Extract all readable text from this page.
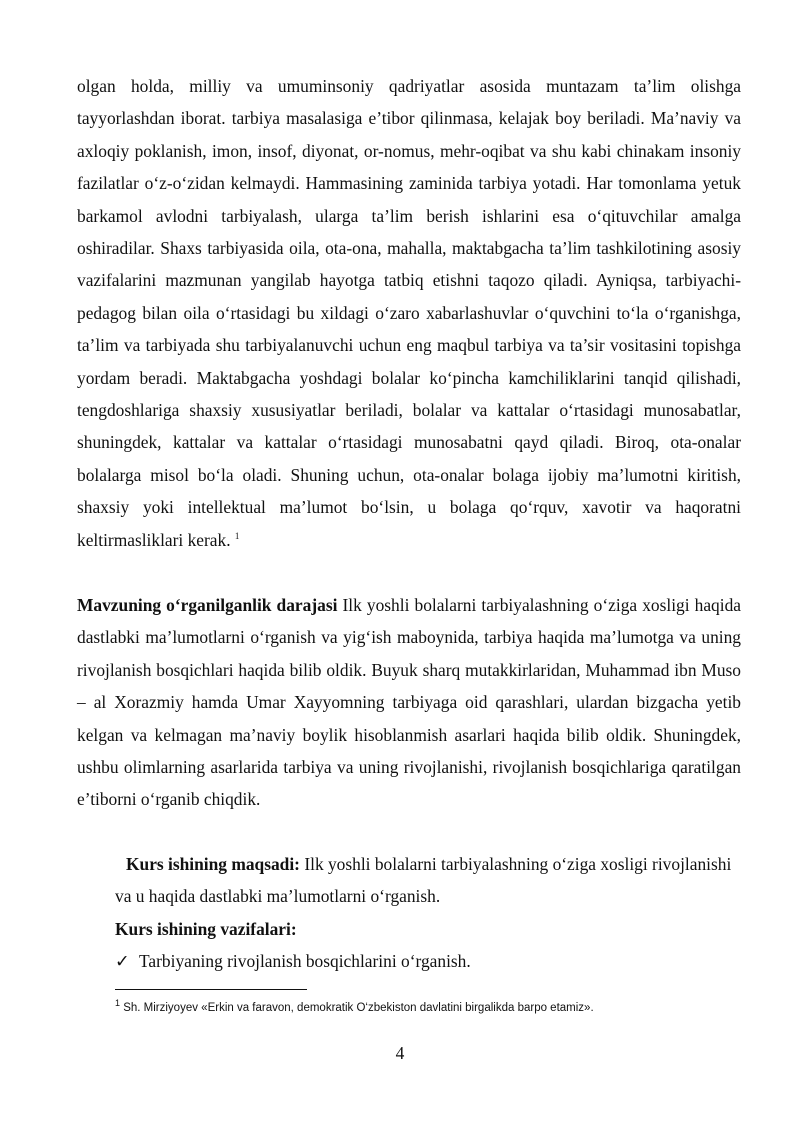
olgan holda, milliy va umuminsoniy qadriyatlar asosida muntazam ta’lim olishga tayyorlashdan iborat. tarbiya masalasiga e’tibor qilinmasa, kelajak boy beriladi. Ma’naviy va axloqiy poklanish, imon, insof, diyonat, or-nomus, mehr-oqibat va shu kabi chinakam insoniy fazilatlar o‘z-o‘zidan kelmaydi. Hammasining zaminida tarbiya yotadi. Har tomonlama yetuk barkamol avlodni tarbiyalash, ularga ta’lim berish ishlarini esa o‘qituvchilar amalga oshiradilar. Shaxs tarbiyasida oila, ota-ona, mahalla, maktabgacha ta’lim tashkilotining asosiy vazifalarini mazmunan yangilab hayotga tatbiq etishni taqozo qiladi. Ayniqsa, tarbiyachi-pedagog bilan oila o‘rtasidagi bu xildagi o‘zaro xabarlashuvlar o‘quvchini to‘la o‘rganishga, ta’lim va tarbiyada shu tarbiyalanuvchi uchun eng maqbul tarbiya va ta’sir vositasini topishga yordam beradi. Maktabgacha yoshdagi bolalar ko‘pincha kamchiliklarini tanqid qilishadi, tengdoshlariga shaxsiy xususiyatlar beriladi, bolalar va kattalar o‘rtasidagi munosabatlar, shuningdek, kattalar va kattalar o‘rtasidagi munosabatni qayd qiladi. Biroq, ota-onalar bolalarga misol bo‘la oladi. Shuning uchun, ota-onalar bolaga ijobiy ma’lumotni kiritish, shaxsiy yoki intellektual ma’lumot bo‘lsin, u bolaga qo‘rquv, xavotir va haqoratni keltirmasliklari kerak. $^1$

Mavzuning o‘rganilganlik darajasi Ilk yoshli bolalarni tarbiyalashning o‘ziga xosligi haqida dastlabki ma’lumotlarni o‘rganish va yig‘ish maboynida, tarbiya haqida ma’lumotga va uning rivojlanish bosqichlari haqida bilib oldik. Buyuk sharq mutakkirlaridan, Muhammad ibn Muso – al Xorazmiy hamda Umar Xayyomning tarbiyaga oid qarashlari, ulardan bizgacha yetib kelgan va kelmagan ma’naviy boylik hisoblanmish asarlari haqida bilib oldik. Shuningdek, ushbu olimlarning asarlarida tarbiya va uning rivojlanishi, rivojlanish bosqichlariga qaratilgan e’tiborni o‘rganib chiqdik.

Kurs ishining maqsadi: Ilk yoshli bolalarni tarbiyalashning o‘ziga xosligi rivojlanishi va u haqida dastlabki ma’lumotlarni o‘rganish.

Kurs ishining vazifalari:

✓ Tarbiyaning rivojlanish bosqichlarini o‘rganish.

$^1$ Sh. Mirziyoyev «Erkin va faravon, demokratik O‘zbekiston davlatini birgalikda barpo etamiz».

4
